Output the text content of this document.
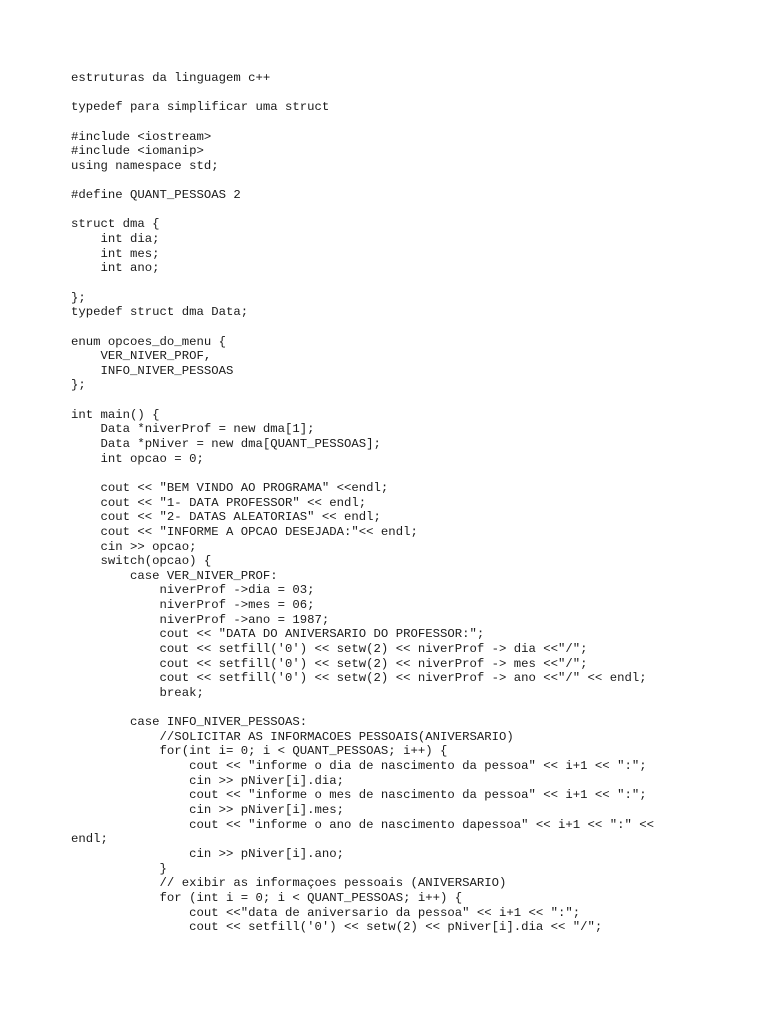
estruturas da linguagem c++
typedef para simplificar uma struct
#include <iostream>
#include <iomanip>
using namespace std;
#define QUANT_PESSOAS 2
struct dma {
int dia;
int mes;
int ano;
};
typedef struct dma Data;
enum opcoes_do_menu {
VER_NIVER_PROF,
INFO_NIVER_PESSOAS
};
int main() {
Data *niverProf = new dma[1];
Data *pNiver = new dma[QUANT_PESSOAS];
int opcao = 0;
cout << "BEM VINDO AO PROGRAMA" <<endl;
cout << "1- DATA PROFESSOR" << endl;
cout << "2- DATAS ALEATORIAS" << endl;
cout << "INFORME A OPCAO DESEJADA:"<< endl;
cin >> opcao;
switch(opcao) {
case VER_NIVER_PROF:
niverProf ->dia = 03;
niverProf ->mes = 06;
niverProf ->ano = 1987;
cout << "DATA DO ANIVERSARIO DO PROFESSOR:";
cout << setfill('0') << setw(2) << niverProf -> dia <<"/";
cout << setfill('0') << setw(2) << niverProf -> mes <<"/";
cout << setfill('0') << setw(2) << niverProf -> ano <<"/" << endl;
break;
case INFO_NIVER_PESSOAS:
//SOLICITAR AS INFORMACOES PESSOAIS(ANIVERSARIO)
for(int i= 0; i < QUANT_PESSOAS; i++) {
cout << "informe o dia de nascimento da pessoa" << i+1 << ":";
cin >> pNiver[i].dia;
cout << "informe o mes de nascimento da pessoa" << i+1 << ":";
cin >> pNiver[i].mes;
cout << "informe o ano de nascimento dapessoa" << i+1 << ":" <<
endl;
cin >> pNiver[i].ano;
}
// exibir as informaçoes pessoais (ANIVERSARIO)
for (int i = 0; i < QUANT_PESSOAS; i++) {
cout <<"data de aniversario da pessoa" << i+1 << ":";
cout << setfill('0') << setw(2) << pNiver[i].dia << "/";
